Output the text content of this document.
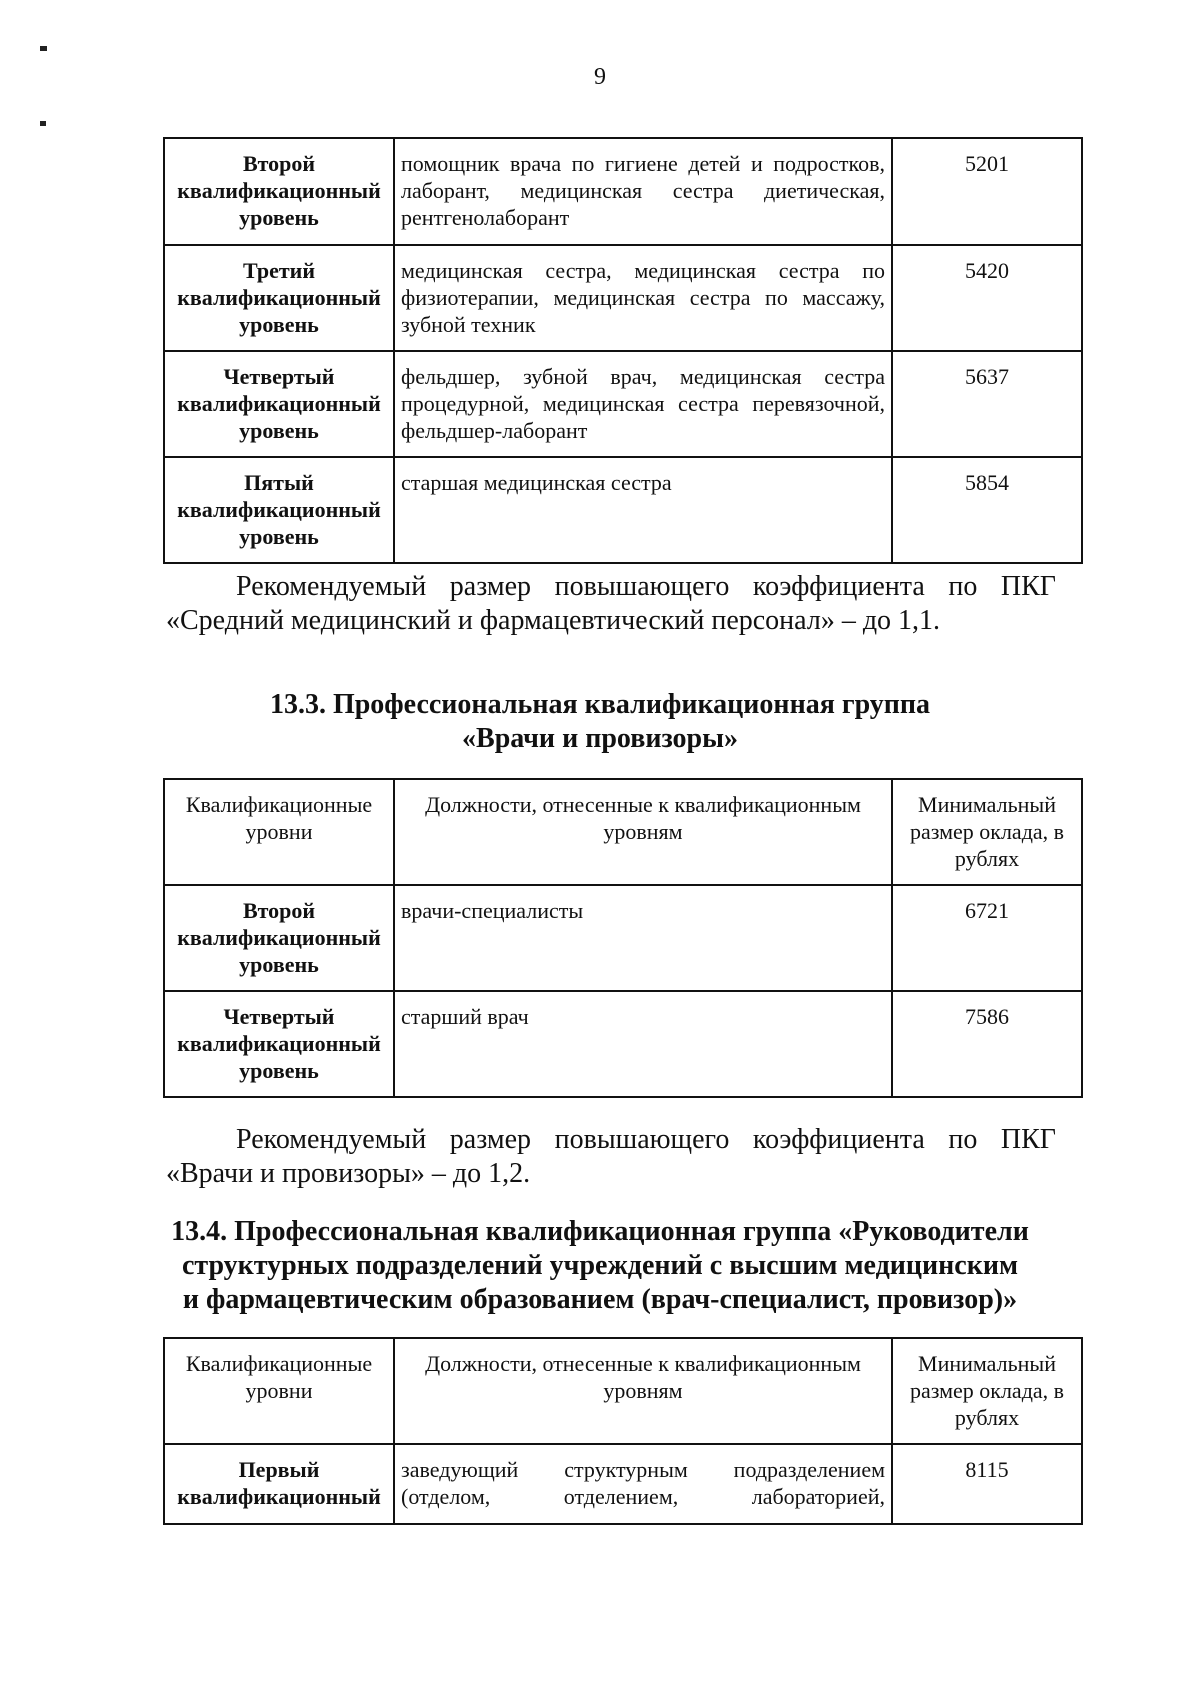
9
Второй квалификационный уровень	помощник врача по гигиене детей и подростков, лаборант, медицинская сестра диетическая, рентгенолаборант	5201
Третий квалификационный уровень	медицинская сестра, медицинская сестра по физиотерапии, медицинская сестра по массажу, зубной техник	5420
Четвертый квалификационный уровень	фельдшер, зубной врач, медицинская сестра процедурной, медицинская сестра перевязочной, фельдшер-лаборант	5637
Пятый квалификационный уровень	старшая медицинская сестра	5854

Рекомендуемый размер повышающего коэффициента по ПКГ «Средний медицинский и фармацевтический персонал» – до 1,1.

13.3. Профессиональная квалификационная группа
«Врачи и провизоры»
Квалификационные уровни	Должности, отнесенные к квалификационным уровням	Минимальный размер оклада, в рублях
Второй квалификационный уровень	врачи-специалисты	6721
Четвертый квалификационный уровень	старший врач	7586

Рекомендуемый размер повышающего коэффициента по ПКГ «Врачи и провизоры» – до 1,2.

13.4. Профессиональная квалификационная группа «Руководители
структурных подразделений учреждений с высшим медицинским
и фармацевтическим образованием (врач-специалист, провизор)»
Квалификационные уровни	Должности, отнесенные к квалификационным уровням	Минимальный размер оклада, в рублях
Первый квалификационный	заведующий структурным подразделением (отделом, отделением, лабораторией,	8115
